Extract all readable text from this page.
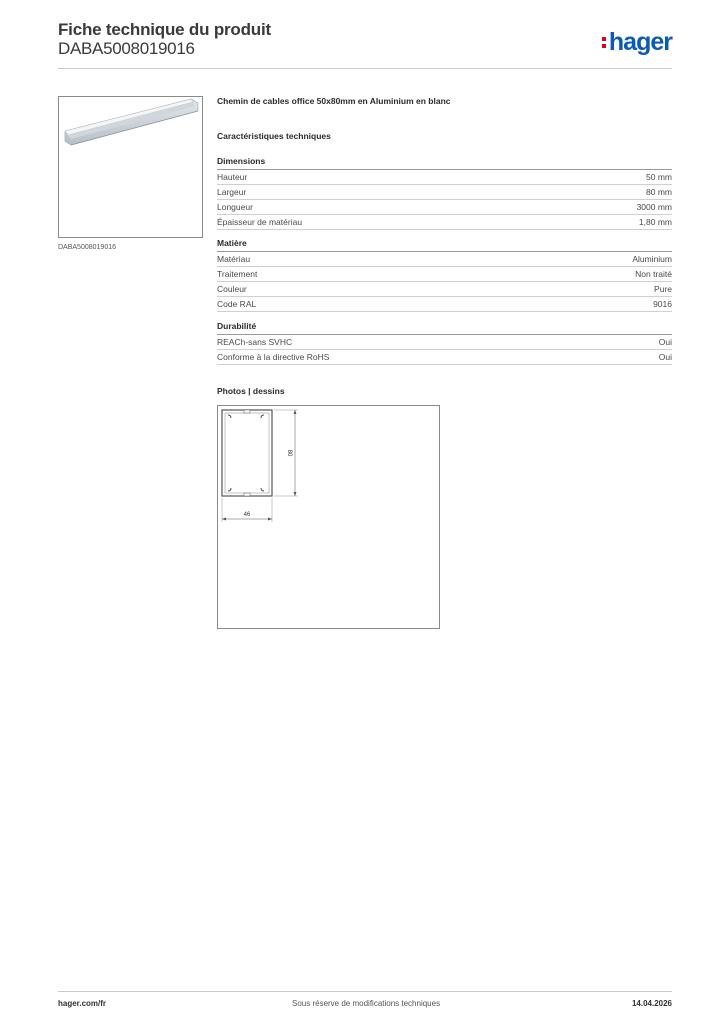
Fiche technique du produit
DABA5008019016	hager
DABA5008019016
Chemin de cables office 50x80mm en Aluminium en blanc
Caractéristiques techniques
Dimensions
Hauteur	50 mm
Largeur	80 mm
Longueur	3000 mm
Épaisseur de matériau	1,80 mm
Matière
Matériau	Aluminium
Traitement	Non traité
Couleur	Pure
Code RAL	9016
Durabilité
REACh-sans SVHC	Oui
Conforme à la directive RoHS	Oui
Photos | dessins
80
46
hager.com/fr	Sous réserve de modifications techniques	14.04.2026
